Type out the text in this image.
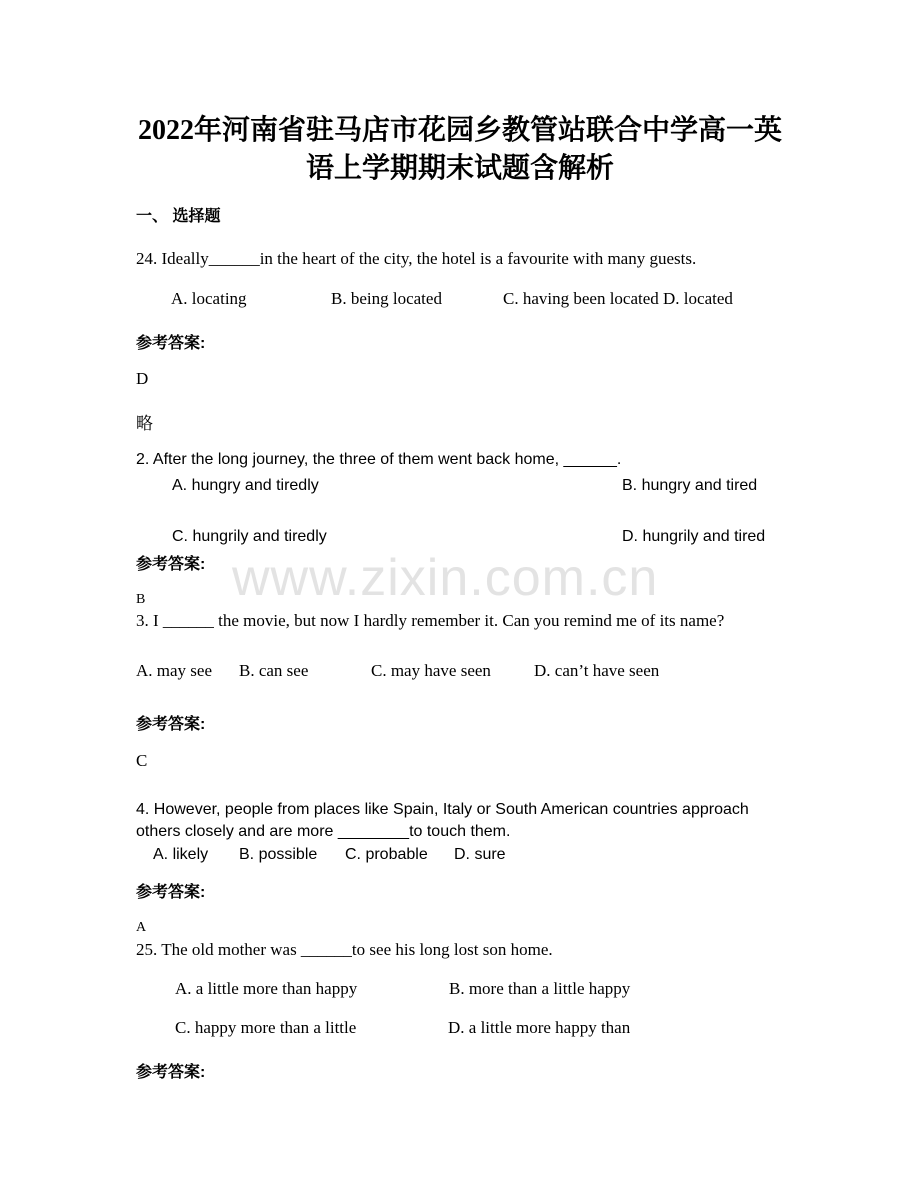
2022年河南省驻马店市花园乡教管站联合中学高一英
语上学期期末试题含解析
一、 选择题
www.zixin.com.cn
24. Ideally______in the heart of the city, the hotel is a favourite with many guests.
A. locating	B. being located	C. having been located D. located
参考答案:
D
略
2. After the long journey, the three of them went back home, ______.
A. hungry and tiredly	B. hungry and tired
C. hungrily and tiredly	D. hungrily and tired
参考答案:
B
3. I ______ the movie, but now I hardly remember it. Can you remind me of its name?
A. may see B. can see	C. may have seen	D. can’t have seen
参考答案:
C
4. However, people from places like Spain, Italy or South American countries approach
others closely and are more ________to touch them.
A. likely B. possible C. probable D. sure
参考答案:
A
25. The old mother was ______to see his long lost son home.
A. a little more than happy	B. more than a little happy
C. happy more than a little	D. a little more happy than
参考答案:
